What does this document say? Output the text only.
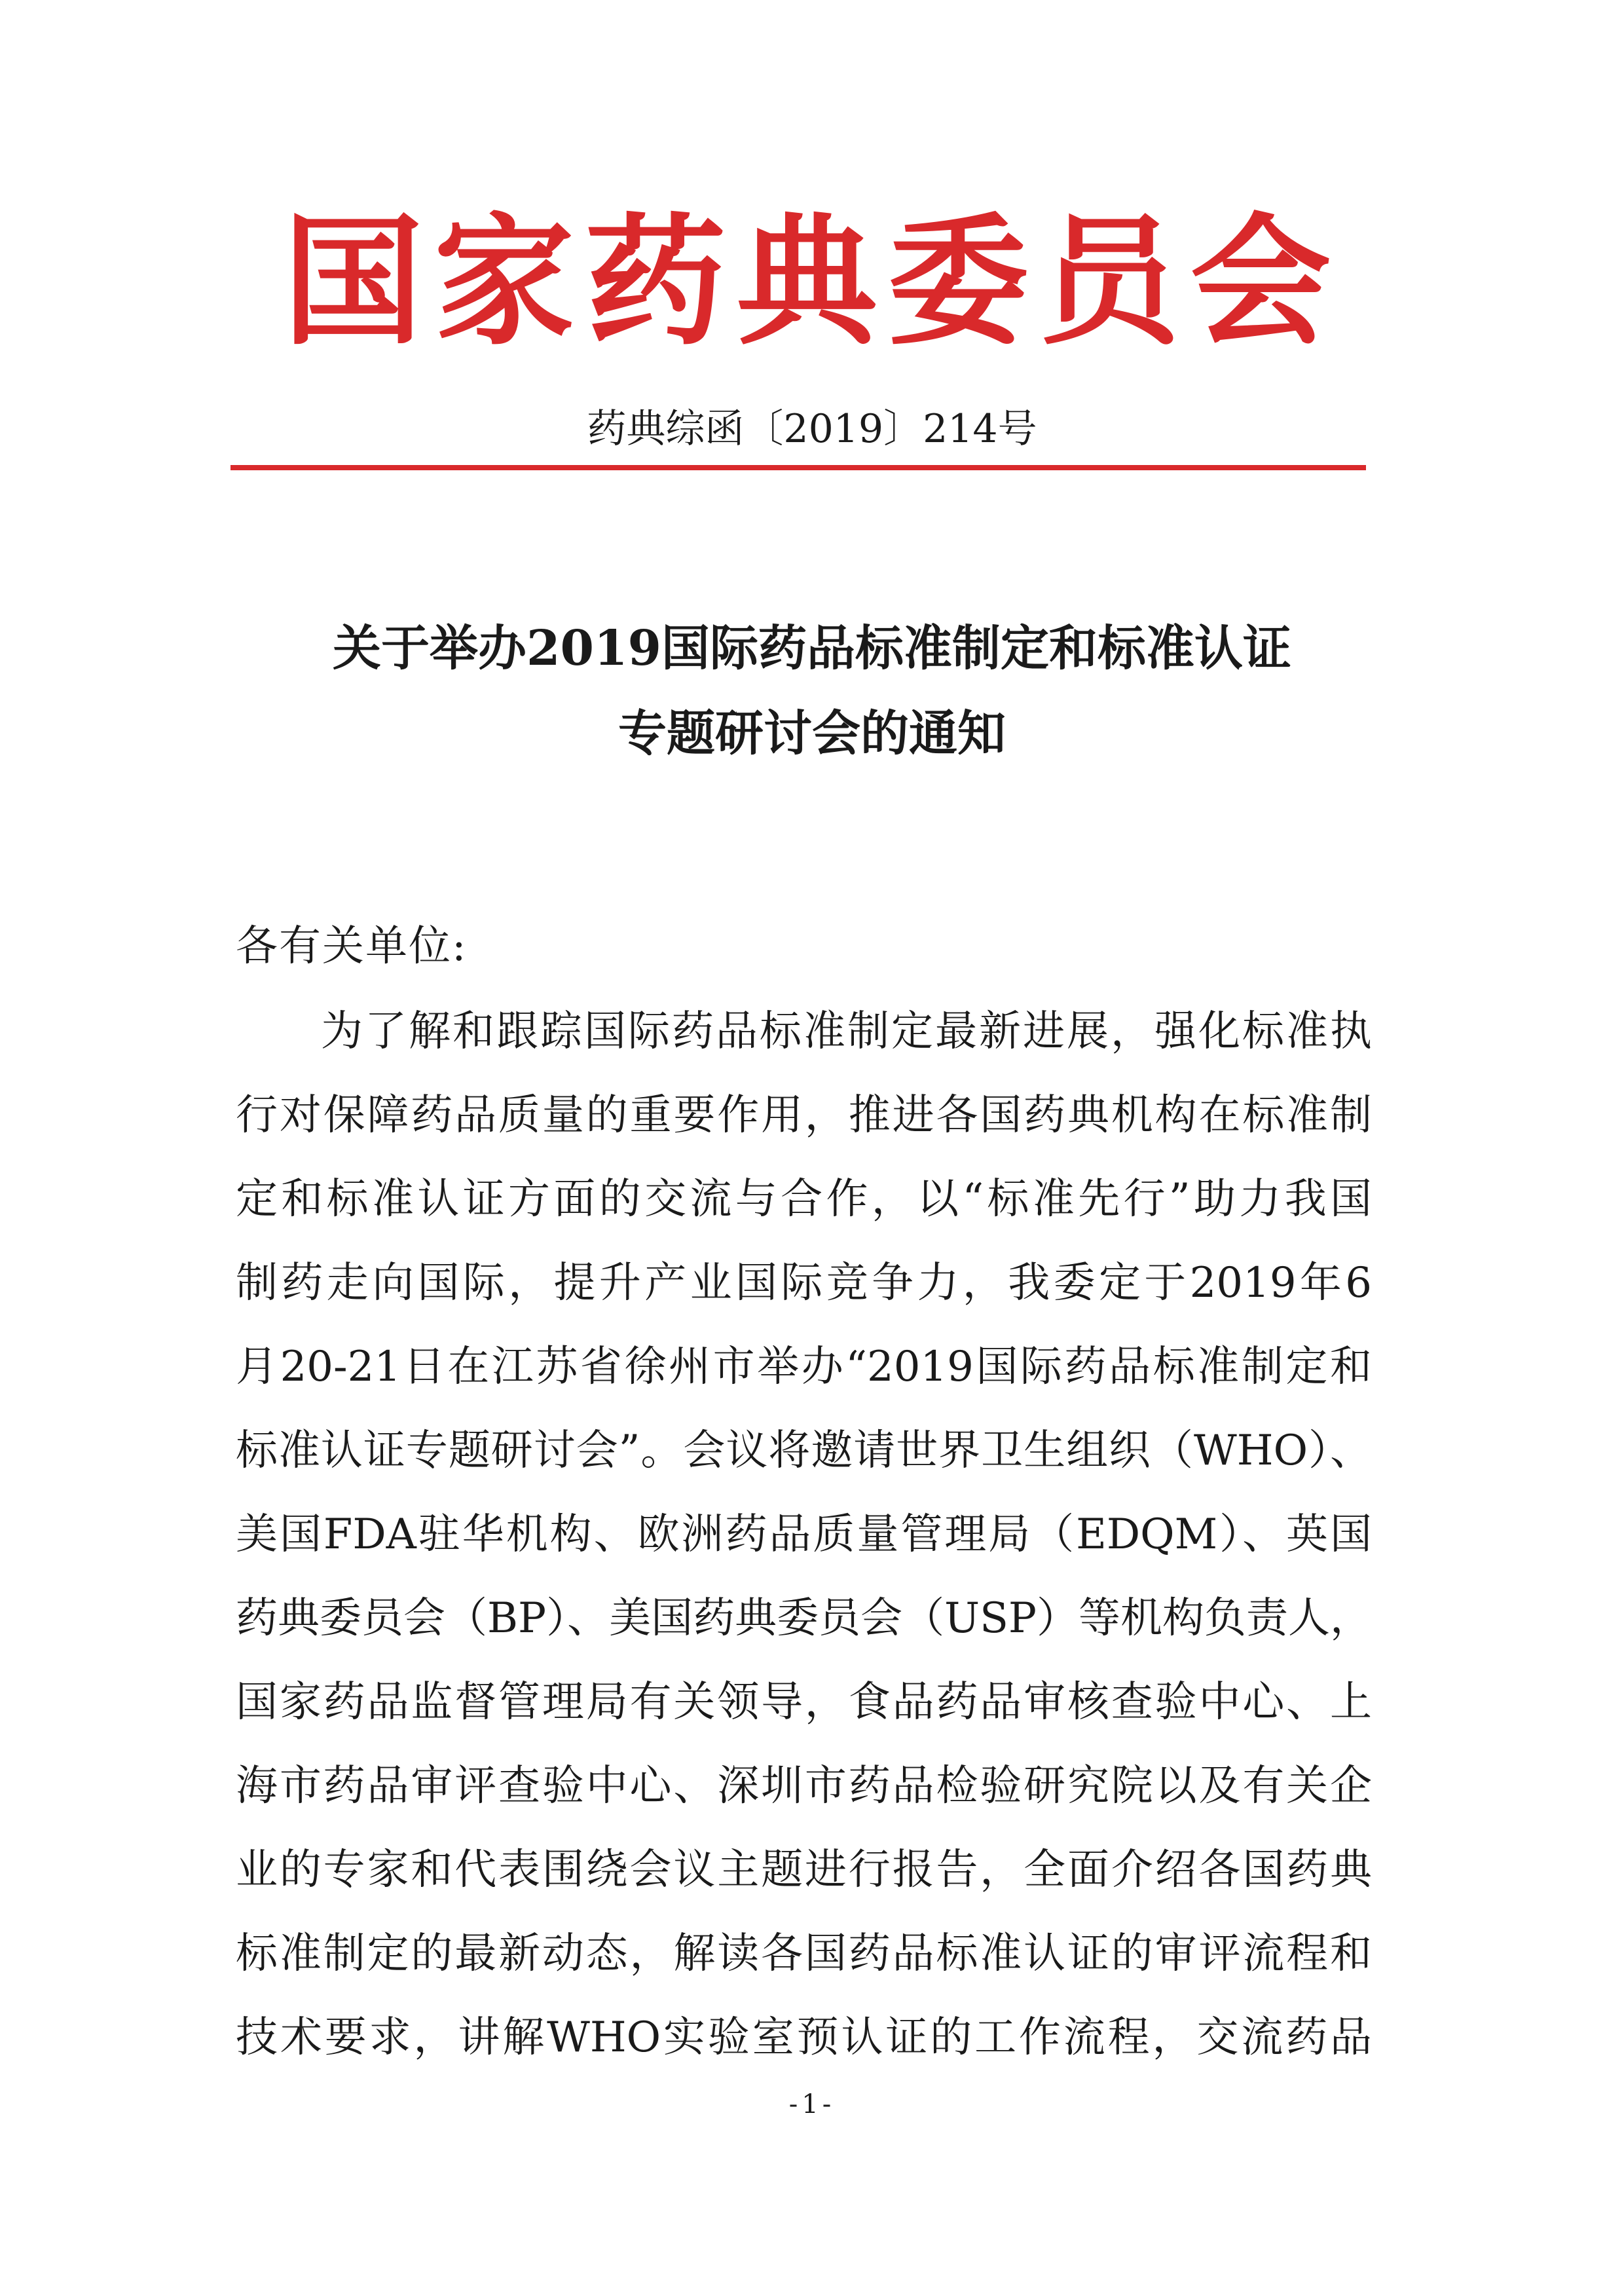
国家药典委员会
药典综函〔2019〕214号
关于举办2019国际药品标准制定和标准认证
专题研讨会的通知
各有关单位:
为了解和跟踪国际药品标准制定最新进展，强化标准执
行对保障药品质量的重要作用，推进各国药典机构在标准制
定和标准认证方面的交流与合作，以“标准先行”助力我国
制药走向国际，提升产业国际竞争力，我委定于2019年6
月20-21日在江苏省徐州市举办“2019国际药品标准制定和
标准认证专题研讨会”。会议将邀请世界卫生组织（WHO）、
美国FDA驻华机构、欧洲药品质量管理局（EDQM）、英国
药典委员会（BP）、美国药典委员会（USP）等机构负责人，
国家药品监督管理局有关领导，食品药品审核查验中心、上
海市药品审评查验中心、深圳市药品检验研究院以及有关企
业的专家和代表围绕会议主题进行报告，全面介绍各国药典
标准制定的最新动态，解读各国药品标准认证的审评流程和
技术要求，讲解WHO实验室预认证的工作流程，交流药品
-1-
